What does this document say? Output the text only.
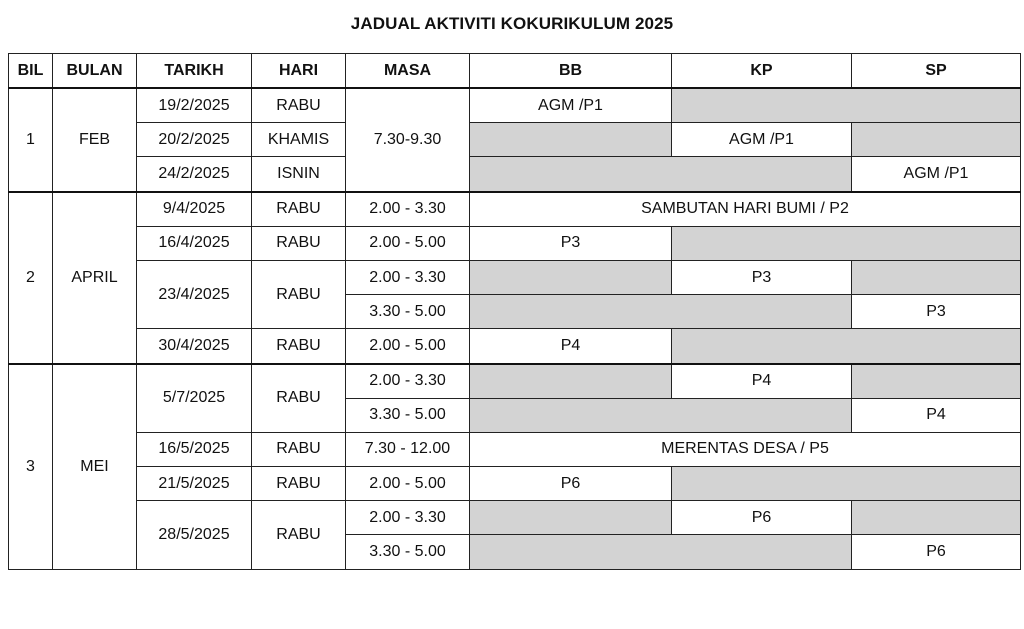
JADUAL AKTIVITI KOKURIKULUM 2025
BIL	BULAN	TARIKH	HARI	MASA	BB	KP	SP
1	FEB	19/2/2025	RABU	7.30-9.30	AGM /P1		
		20/2/2025	KHAMIS			AGM /P1	
		24/2/2025	ISNIN				AGM /P1
2	APRIL	9/4/2025	RABU	2.00 - 3.30	SAMBUTAN HARI BUMI / P2		
		16/4/2025	RABU	2.00 - 5.00	P3		
		23/4/2025	RABU	2.00 - 3.30		P3	
				3.30 - 5.00			P3
		30/4/2025	RABU	2.00 - 5.00	P4		
3	MEI	5/7/2025	RABU	2.00 - 3.30		P4	
				3.30 - 5.00			P4
		16/5/2025	RABU	7.30 - 12.00	MERENTAS DESA / P5		
		21/5/2025	RABU	2.00 - 5.00	P6		
		28/5/2025	RABU	2.00 - 3.30		P6	
				3.30 - 5.00			P6
